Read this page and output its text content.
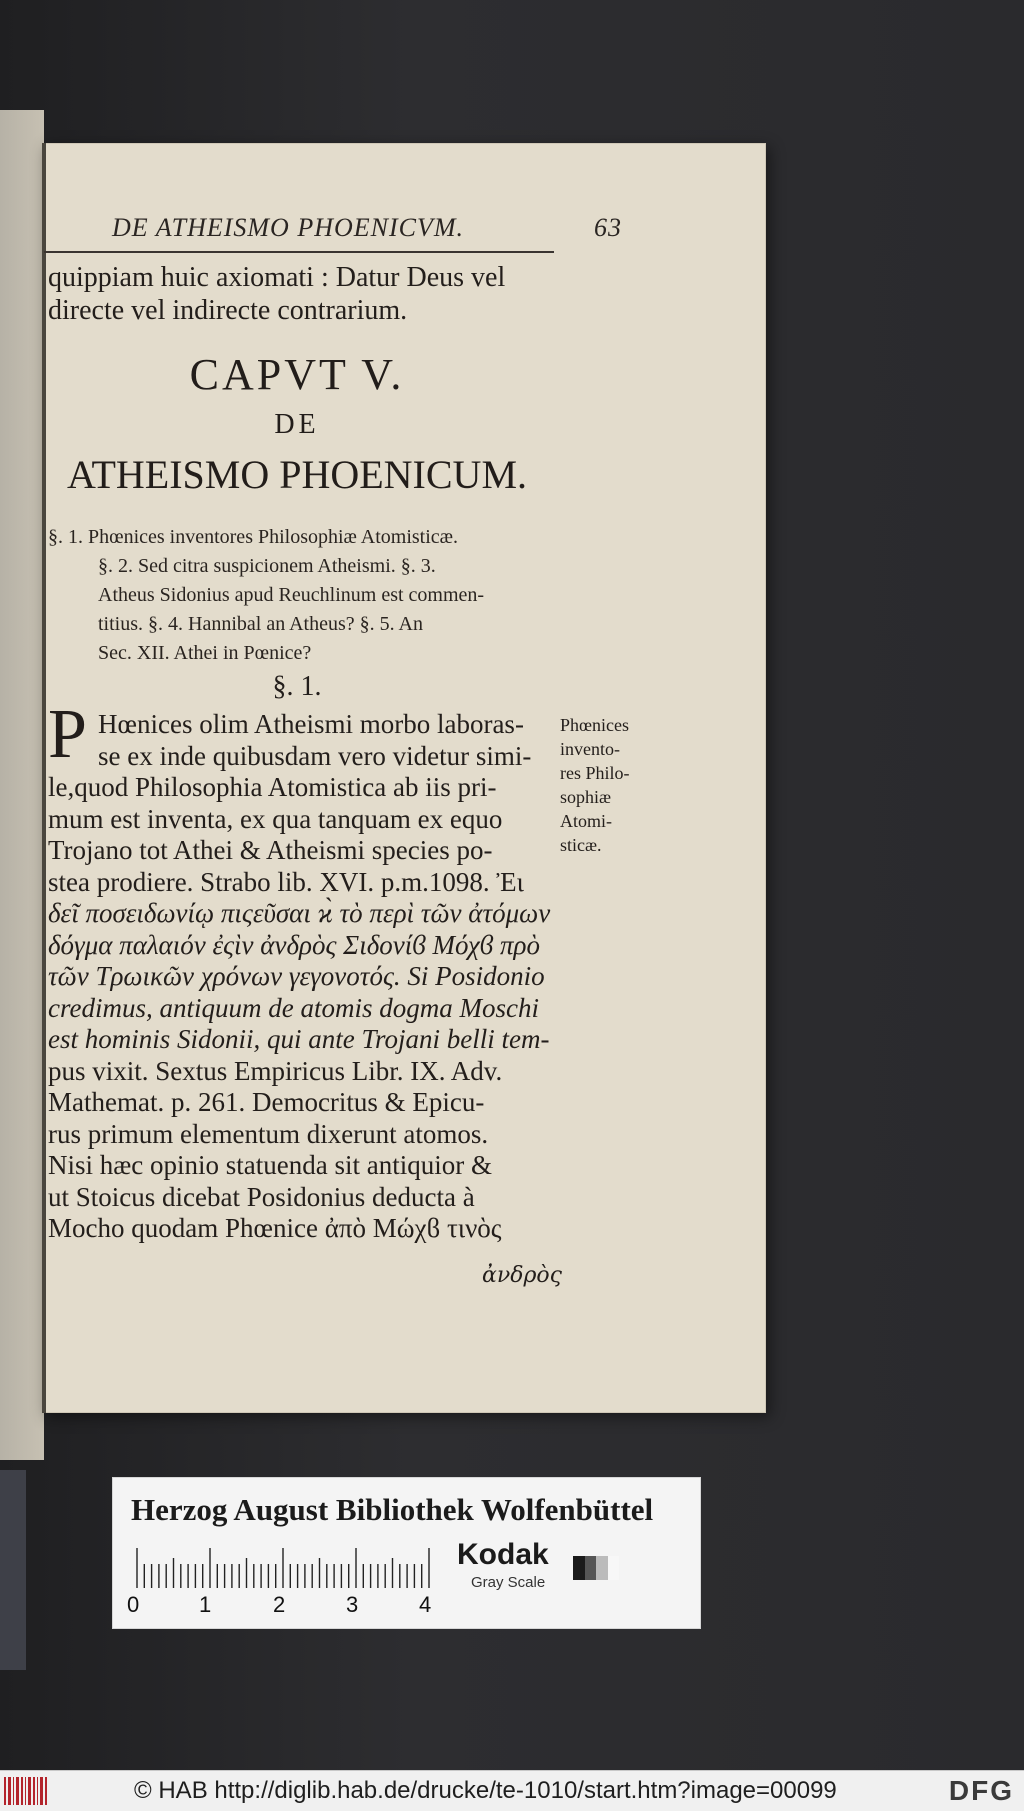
DE ATHEISMO PHOENICVM.	63
quippiam huic axiomati : Datur Deus vel
directe vel indirecte contrarium.
CAPVT V.
DE
ATHEISMO PHOENICUM.
§. 1. Phœnices inventores Philosophiæ Atomisticæ.
§. 2. Sed citra suspicionem Atheismi. §. 3.
Atheus Sidonius apud Reuchlinum est commen-
titius. §. 4. Hannibal an Atheus? §. 5. An
Sec. XII. Athei in Pœnice?
§. 1.
P Hœnices olim Atheismi morbo laboras-
se ex inde quibusdam vero videtur simi-
le,quod Philosophia Atomistica ab iis pri-
mum est inventa, ex qua tanquam ex equo
Trojano tot Athei & Atheismi species po-
stea prodiere. Strabo lib. XVI. p.m.1098. Ἐι
δεῖ ποσειδωνίῳ πιςεῦσαι ϰ̀ τὸ περὶ τῶν ἀτόμων
δόγμα παλαιόν ἐςὶν ἀνδρὸς Σιδονίϐ Μόχϐ πρὸ
τῶν Τρωικῶν χρόνων γεγονοτός. Si Posidonio
credimus, antiquum de atomis dogma Moschi
est hominis Sidonii, qui ante Trojani belli tem-
pus vixit. Sextus Empiricus Libr. IX. Adv.
Mathemat. p. 261. Democritus & Epicu-
rus primum elementum dixerunt atomos.
Nisi hæc opinio statuenda sit antiquior &
ut Stoicus dicebat Posidonius deducta à
Mocho quodam Phœnice ἀπὸ Μώχϐ τινὸς
ἀνδρὸς
Phœnices
invento-
res Philo-
sophiæ
Atomi-
sticæ.
Herzog August Bibliothek Wolfenbüttel
0	1	2	3	4
Kodak
Gray Scale
© HAB http://diglib.hab.de/drucke/te-1010/start.htm?image=00099	DFG
